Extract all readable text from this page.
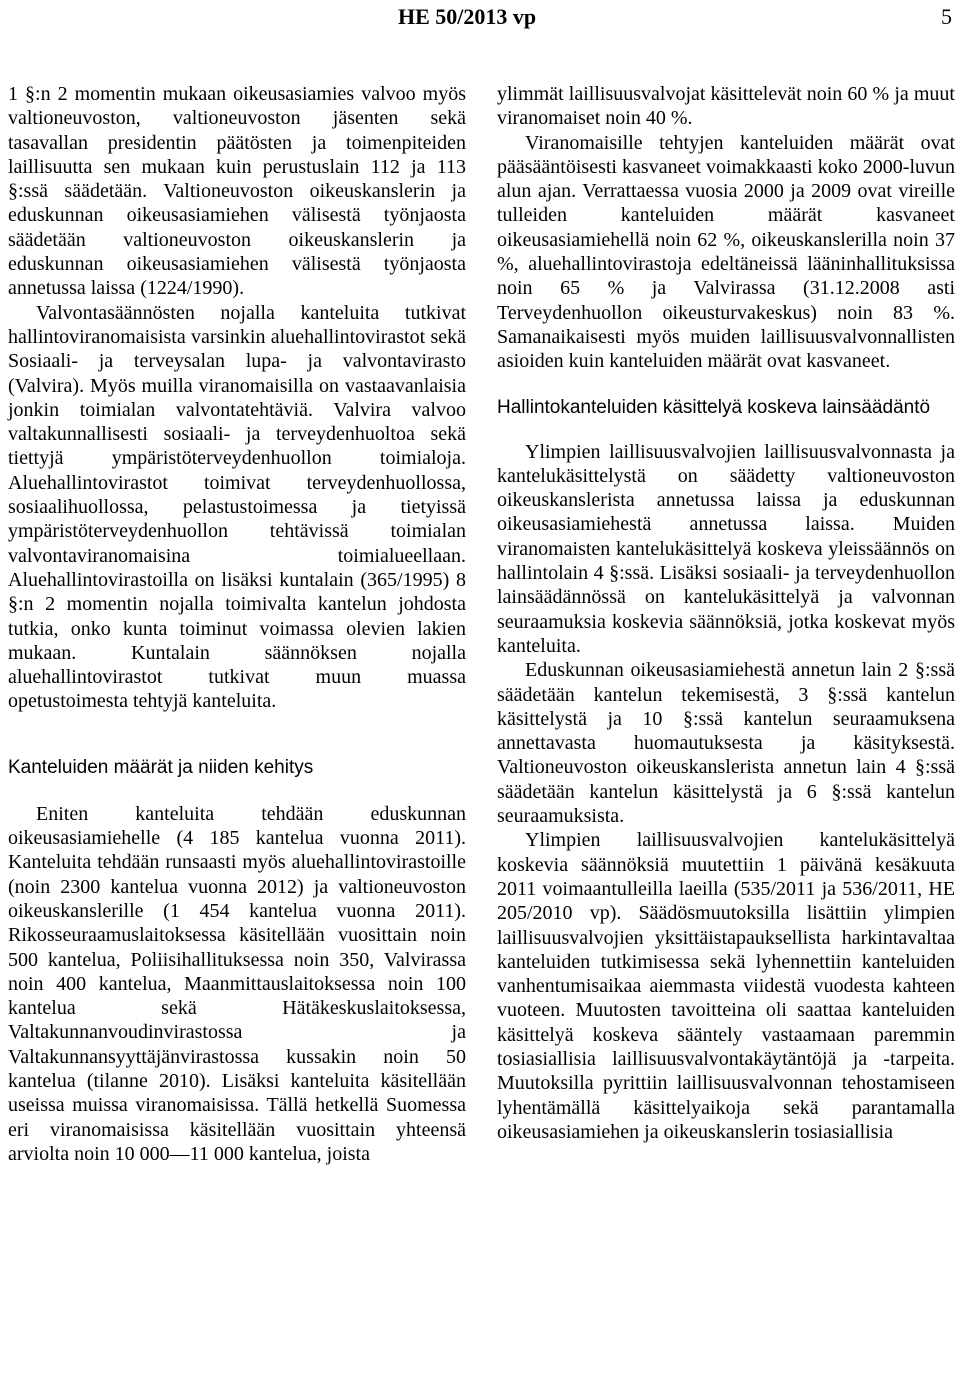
HE 50/2013 vp	5

1 §:n 2 momentin mukaan oikeusasiamies valvoo myös valtioneuvoston, valtioneuvoston jäsenten sekä tasavallan presidentin päätösten ja toimenpiteiden laillisuutta sen mukaan kuin perustuslain 112 ja 113 §:ssä säädetään. Valtioneuvoston oikeuskanslerin ja eduskunnan oikeusasiamiehen välisestä työnjaosta säädetään valtioneuvoston oikeuskanslerin ja eduskunnan oikeusasiamiehen välisestä työnjaosta annetussa laissa (1224/1990).

Valvontasäännösten nojalla kanteluita tutkivat hallintoviranomaisista varsinkin aluehallintovirastot sekä Sosiaali- ja terveysalan lupa- ja valvontavirasto (Valvira). Myös muilla viranomaisilla on vastaavanlaisia jonkin toimialan valvontatehtäviä. Valvira valvoo valtakunnallisesti sosiaali- ja terveydenhuoltoa sekä tiettyjä ympäristöterveydenhuollon toimialoja. Aluehallintovirastot toimivat terveydenhuollossa, sosiaalihuollossa, pelastustoimessa ja tietyissä ympäristöterveydenhuollon tehtävissä toimialan valvontaviranomaisina toimialueellaan. Aluehallintovirastoilla on lisäksi kuntalain (365/1995) 8 §:n 2 momentin nojalla toimivalta kantelun johdosta tutkia, onko kunta toiminut voimassa olevien lakien mukaan. Kuntalain säännöksen nojalla aluehallintovirastot tutkivat muun muassa opetustoimesta tehtyjä kanteluita.

Kanteluiden määrät ja niiden kehitys

Eniten kanteluita tehdään eduskunnan oikeusasiamiehelle (4 185 kantelua vuonna 2011). Kanteluita tehdään runsaasti myös aluehallintovirastoille (noin 2300 kantelua vuonna 2012) ja valtioneuvoston oikeuskanslerille (1 454 kantelua vuonna 2011). Rikosseuraamuslaitoksessa käsitellään vuosittain noin 500 kantelua, Poliisihallituksessa noin 350, Valvirassa noin 400 kantelua, Maanmittauslaitoksessa noin 100 kantelua sekä Hätäkeskuslaitoksessa, Valtakunnanvoudinvirastossa ja Valtakunnansyyttäjänvirastossa kussakin noin 50 kantelua (tilanne 2010). Lisäksi kanteluita käsitellään useissa muissa viranomaisissa. Tällä hetkellä Suomessa eri viranomaisissa käsitellään vuosittain yhteensä arviolta noin 10 000—11 000 kantelua, joista

ylimmät laillisuusvalvojat käsittelevät noin 60 % ja muut viranomaiset noin 40 %.

Viranomaisille tehtyjen kanteluiden määrät ovat pääsääntöisesti kasvaneet voimakkaasti koko 2000-luvun alun ajan. Verrattaessa vuosia 2000 ja 2009 ovat vireille tulleiden kanteluiden määrät kasvaneet oikeusasiamiehellä noin 62 %, oikeuskanslerilla noin 37 %, aluehallintovirastoja edeltäneissä lääninhallituksissa noin 65 % ja Valvirassa (31.12.2008 asti Terveydenhuollon oikeusturvakeskus) noin 83 %. Samanaikaisesti myös muiden laillisuusvalvonnallisten asioiden kuin kanteluiden määrät ovat kasvaneet.

Hallintokanteluiden käsittelyä koskeva lainsäädäntö

Ylimpien laillisuusvalvojien laillisuusvalvonnasta ja kantelukäsittelystä on säädetty valtioneuvoston oikeuskanslerista annetussa laissa ja eduskunnan oikeusasiamiehestä annetussa laissa. Muiden viranomaisten kantelukäsittelyä koskeva yleissäännös on hallintolain 4 §:ssä. Lisäksi sosiaali- ja terveydenhuollon lainsäädännössä on kantelukäsittelyä ja valvonnan seuraamuksia koskevia säännöksiä, jotka koskevat myös kanteluita.

Eduskunnan oikeusasiamiehestä annetun lain 2 §:ssä säädetään kantelun tekemisestä, 3 §:ssä kantelun käsittelystä ja 10 §:ssä kantelun seuraamuksena annettavasta huomautuksesta ja käsityksestä. Valtioneuvoston oikeuskanslerista annetun lain 4 §:ssä säädetään kantelun käsittelystä ja 6 §:ssä kantelun seuraamuksista.

Ylimpien laillisuusvalvojien kantelukäsittelyä koskevia säännöksiä muutettiin 1 päivänä kesäkuuta 2011 voimaantulleilla laeilla (535/2011 ja 536/2011, HE 205/2010 vp). Säädösmuutoksilla lisättiin ylimpien laillisuusvalvojien yksittäistapauksellista harkintavaltaa kanteluiden tutkimisessa sekä lyhennettiin kanteluiden vanhentumisaikaa aiemmasta viidestä vuodesta kahteen vuoteen. Muutosten tavoitteina oli saattaa kanteluiden käsittelyä koskeva sääntely vastaamaan paremmin tosiasiallisia laillisuusvalvontakäytäntöjä ja -tarpeita. Muutoksilla pyrittiin laillisuusvalvonnan tehostamiseen lyhentämällä käsittelyaikoja sekä parantamalla oikeusasiamiehen ja oikeuskanslerin tosiasiallisia
